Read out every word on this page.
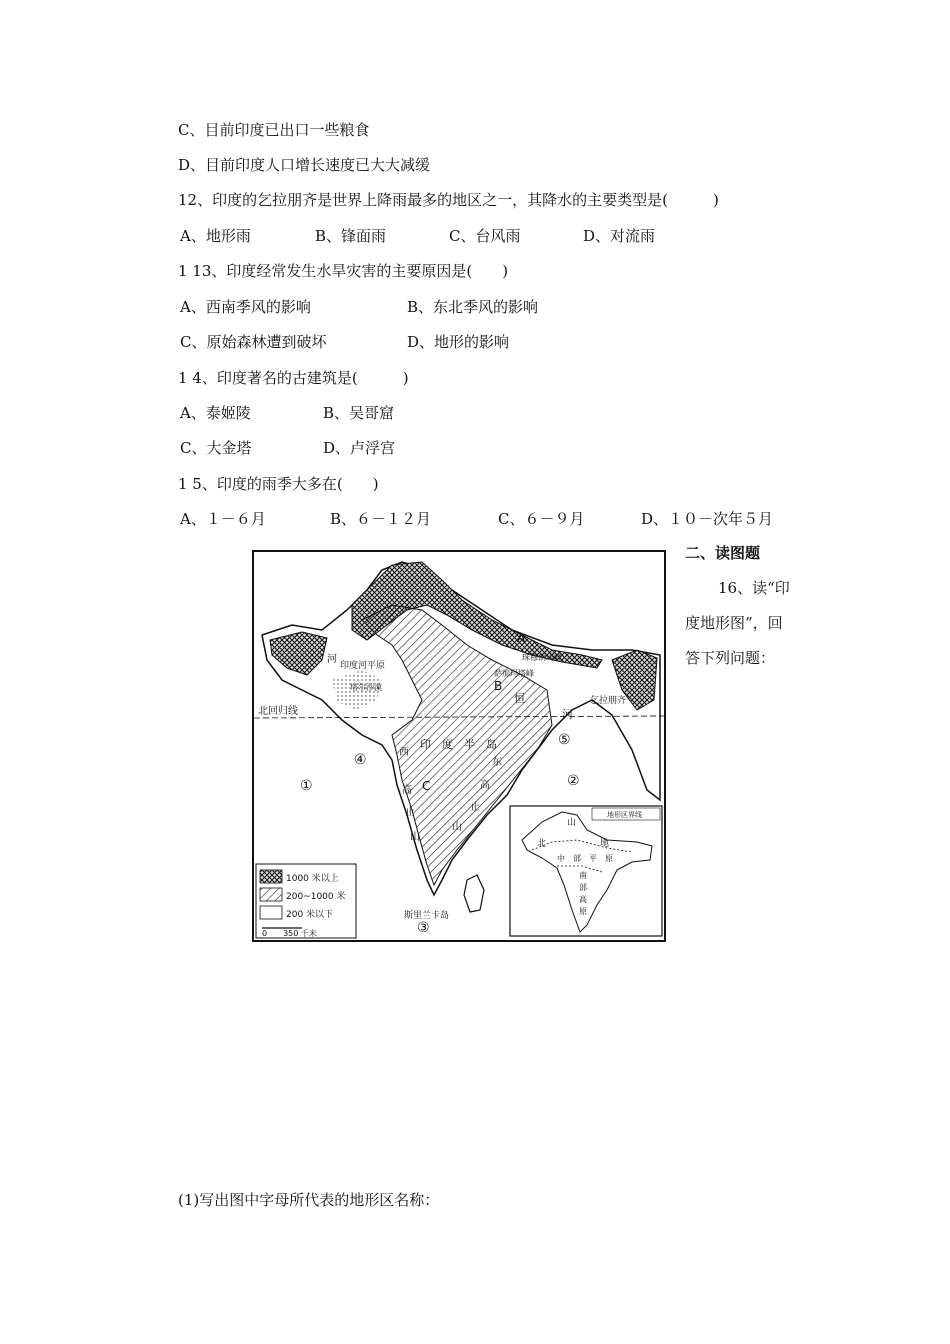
C、目前印度已出口一些粮食
D、目前印度人口增长速度已大大减缓
12、印度的乞拉朋齐是世界上降雨最多的地区之一，其降水的主要类型是(　　　)
A、地形雨	B、锋面雨	C、台风雨	D、对流雨
1 13、印度经常发生水旱灾害的主要原因是(　　)
A、西南季风的影响	B、东北季风的影响
C、原始森林遭到破坏	D、地形的影响
1 4、印度著名的古建筑是(　　　)
A、泰姬陵	B、吴哥窟
C、大金塔	D、卢浮宫
1 5、印度的雨季大多在(　　)
A、１－６月	B、６－１２月	C、６－９月	D、１０－次年５月
二、读图题
16、读“印
度地形图”，回
答下列问题：
(1)写出图中字母所代表的地形区名称：
北回归线
A
B
C
珠穆朗玛峰
萨加玛塔峰
乞拉朋齐
印度河平原
塔尔沙漠
河
恒
河
印　度　半　岛
西
高
止
山
东
高
止
山
①	②
③
④
⑤
斯里兰卡岛
1000 米以上
200~1000 米
200 米以下
0　　350 千米
地形区界线
北
山
地
中　部　平　原
南
部
高
原
